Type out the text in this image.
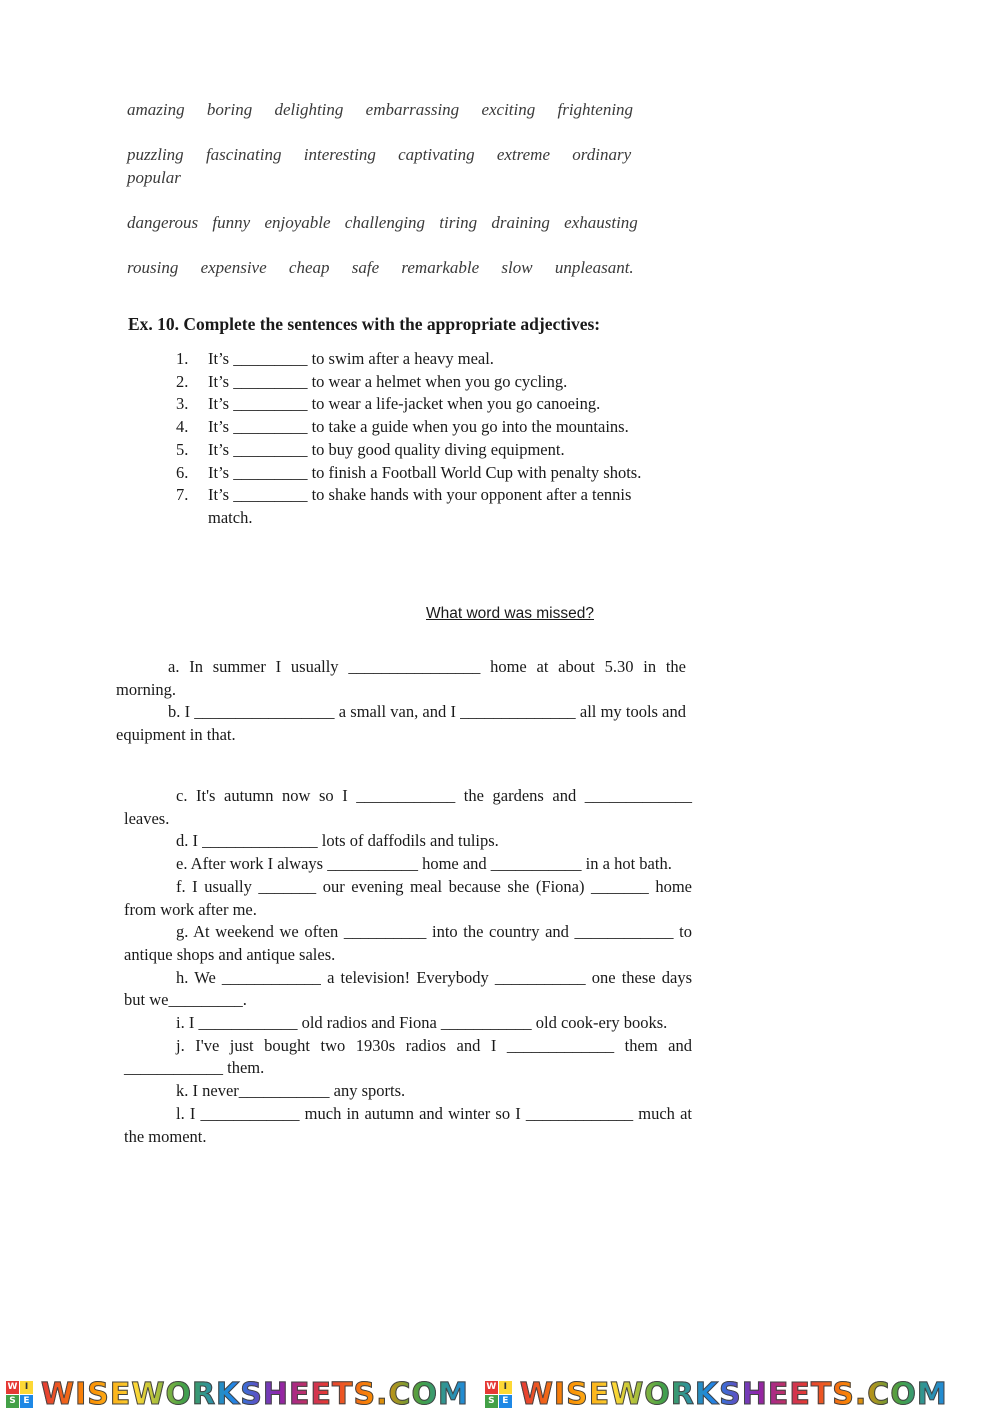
amazing boring delighting embarrassing exciting frightening
puzzling fascinating interesting captivating extreme ordinary popular
dangerous funny enjoyable challenging tiring draining exhausting
rousing expensive cheap safe remarkable slow unpleasant.
Ex. 10. Complete the sentences with the appropriate adjectives:
1. It’s _________ to swim after a heavy meal.
2. It’s _________ to wear a helmet when you go cycling.
3. It’s _________ to wear a life-jacket when you go canoeing.
4. It’s _________ to take a guide when you go into the mountains.
5. It’s _________ to buy good quality diving equipment.
6. It’s _________ to finish a Football World Cup with penalty shots.
7. It’s _________ to shake hands with your opponent after a tennis match.
What word was missed?

a. In summer I usually ________________ home at about 5.30 in the morning.

b. I _________________ a small van, and I ______________ all my tools and equipment in that.

c. It's autumn now so I ____________ the gardens and _____________ leaves.

d. I ______________ lots of daffodils and tulips.

e. After work I always ___________ home and ___________ in a hot bath.

f. I usually _______ our evening meal because she (Fiona) _______ home from work after me.

g. At weekend we often __________ into the country and ____________ to antique shops and antique sales.

h. We ____________ a television! Everybody ___________ one these days but we_________.

i. I ____________ old radios and Fiona ___________ old cook-ery books.

j. I've just bought two 1930s radios and I _____________ them and ____________ them.

k. I never___________ any sports.

l. I ____________ much in autumn and winter so I _____________ much at the moment.

W I
S E WISEWORKSHEETS.COM W I
S E WISEWORKSHEETS.COM
